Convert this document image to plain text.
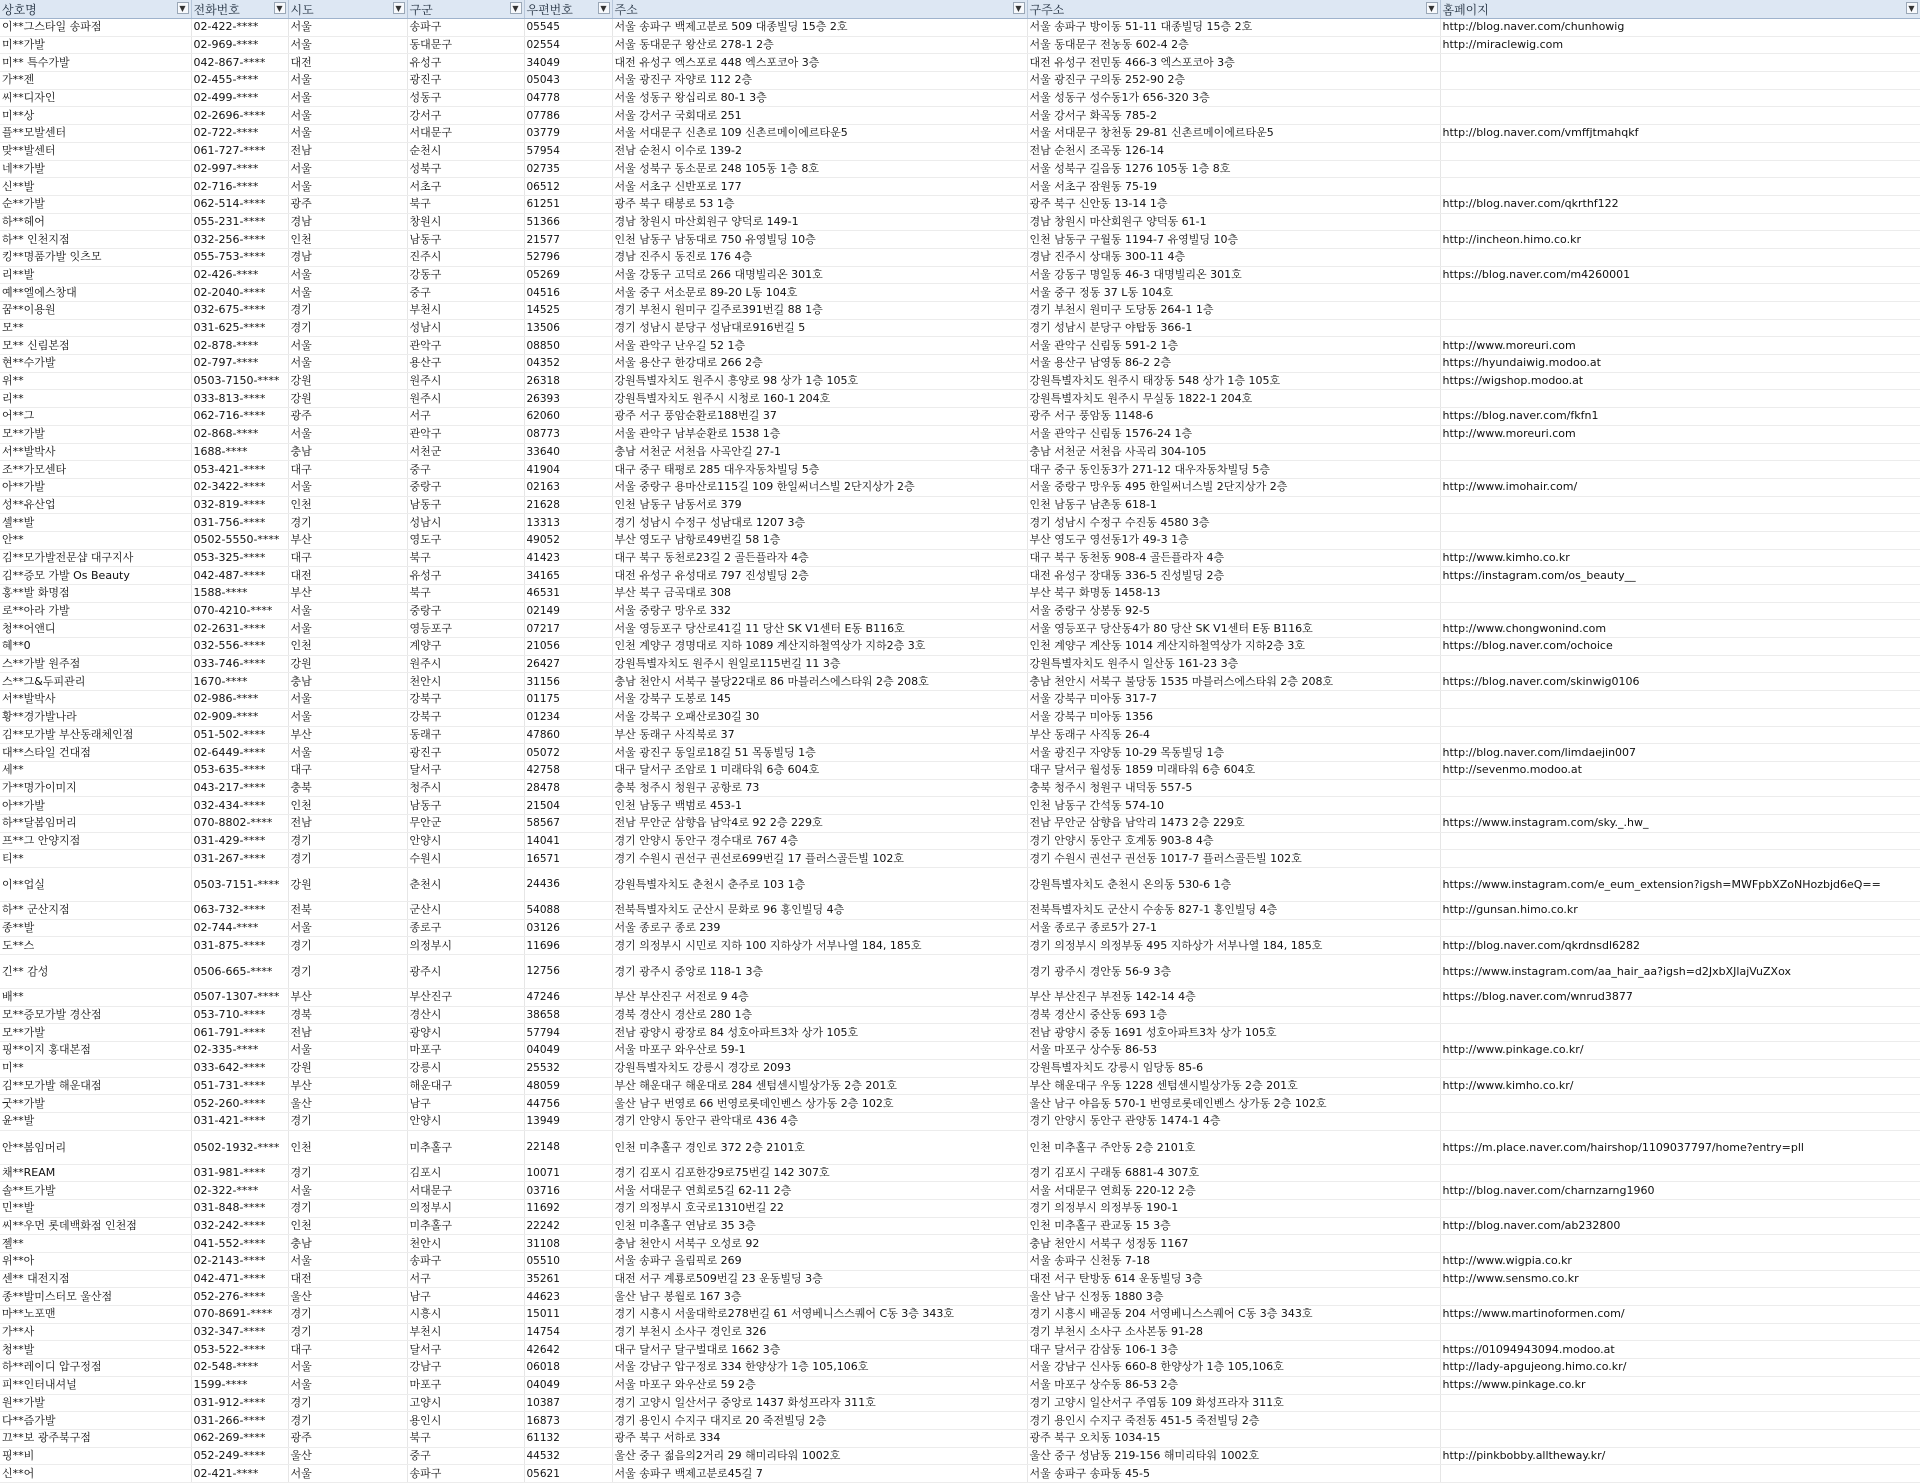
상호명 ▼	전화번호 ▼	시도 ▼	구군 ▼	우편번호 ▼	주소 ▼	구주소 ▼	홈페이지 ▼

이**그스타일 송파점	02-422-****	서울	송파구	05545	서울 송파구 백제고분로 509 대종빌딩 15층 2호	서울 송파구 방이동 51-11 대종빌딩 15층 2호	http://blog.naver.com/chunhowig
미**가발	02-969-****	서울	동대문구	02554	서울 동대문구 왕산로 278-1 2층	서울 동대문구 전농동 602-4 2층	http://miraclewig.com
미** 특수가발	042-867-****	대전	유성구	34049	대전 유성구 엑스포로 448 엑스포코아 3층	대전 유성구 전민동 466-3 엑스포코아 3층	
가**젠	02-455-****	서울	광진구	05043	서울 광진구 자양로 112 2층	서울 광진구 구의동 252-90 2층	
씨**디자인	02-499-****	서울	성동구	04778	서울 성동구 왕십리로 80-1 3층	서울 성동구 성수동1가 656-320 3층	
미**상	02-2696-****	서울	강서구	07786	서울 강서구 국회대로 251	서울 강서구 화곡동 785-2	
플**모발센터	02-722-****	서울	서대문구	03779	서울 서대문구 신촌로 109 신촌르메이에르타운5	서울 서대문구 창천동 29-81 신촌르메이에르타운5	http://blog.naver.com/vmffjtmahqkf
맞**발센터	061-727-****	전남	순천시	57954	전남 순천시 이수로 139-2	전남 순천시 조곡동 126-14	
네**가발	02-997-****	서울	성북구	02735	서울 성북구 동소문로 248 105동 1층 8호	서울 성북구 길음동 1276 105동 1층 8호	
신**발	02-716-****	서울	서초구	06512	서울 서초구 신반포로 177	서울 서초구 잠원동 75-19	
순**가발	062-514-****	광주	북구	61251	광주 북구 태봉로 53 1층	광주 북구 신안동 13-14 1층	http://blog.naver.com/qkrthf122
하**헤어	055-231-****	경남	창원시	51366	경남 창원시 마산회원구 양덕로 149-1	경남 창원시 마산회원구 양덕동 61-1	
하** 인천지점	032-256-****	인천	남동구	21577	인천 남동구 남동대로 750 유영빌딩 10층	인천 남동구 구월동 1194-7 유영빌딩 10층	http://incheon.himo.co.kr
킹**명품가발 잇츠모	055-753-****	경남	진주시	52796	경남 진주시 동진로 176 4층	경남 진주시 상대동 300-11 4층	
리**발	02-426-****	서울	강동구	05269	서울 강동구 고덕로 266 대명빌리온 301호	서울 강동구 명일동 46-3 대명빌리온 301호	https://blog.naver.com/m4260001
예**엘에스창대	02-2040-****	서울	중구	04516	서울 중구 서소문로 89-20 L동 104호	서울 중구 정동 37 L동 104호	
꿈**이용원	032-675-****	경기	부천시	14525	경기 부천시 원미구 길주로391번길 88 1층	경기 부천시 원미구 도당동 264-1 1층	
모**	031-625-****	경기	성남시	13506	경기 성남시 분당구 성남대로916번길 5	경기 성남시 분당구 야탑동 366-1	
모** 신림본점	02-878-****	서울	관악구	08850	서울 관악구 난우길 52 1층	서울 관악구 신림동 591-2 1층	http://www.moreuri.com
현**수가발	02-797-****	서울	용산구	04352	서울 용산구 한강대로 266 2층	서울 용산구 남영동 86-2 2층	https://hyundaiwig.modoo.at
위**	0503-7150-****	강원	원주시	26318	강원특별자치도 원주시 흥양로 98 상가 1층 105호	강원특별자치도 원주시 태장동 548 상가 1층 105호	https://wigshop.modoo.at
리**	033-813-****	강원	원주시	26393	강원특별자치도 원주시 시청로 160-1 204호	강원특별자치도 원주시 무실동 1822-1 204호	
어**그	062-716-****	광주	서구	62060	광주 서구 풍암순환로188번길 37	광주 서구 풍암동 1148-6	https://blog.naver.com/fkfn1
모**가발	02-868-****	서울	관악구	08773	서울 관악구 남부순환로 1538 1층	서울 관악구 신림동 1576-24 1층	http://www.moreuri.com
서**발박사	1688-****	충남	서천군	33640	충남 서천군 서천읍 사곡안길 27-1	충남 서천군 서천읍 사곡리 304-105	
조**가모센타	053-421-****	대구	중구	41904	대구 중구 태평로 285 대우자동차빌딩 5층	대구 중구 동인동3가 271-12 대우자동차빌딩 5층	
아**가발	02-3422-****	서울	중랑구	02163	서울 중랑구 용마산로115길 109 한일써너스빌 2단지상가 2층	서울 중랑구 망우동 495 한일써너스빌 2단지상가 2층	http://www.imohair.com/
성**유산업	032-819-****	인천	남동구	21628	인천 남동구 남동서로 379	인천 남동구 남촌동 618-1	
셀**발	031-756-****	경기	성남시	13313	경기 성남시 수정구 성남대로 1207 3층	경기 성남시 수정구 수진동 4580 3층	
안**	0502-5550-****	부산	영도구	49052	부산 영도구 남항로49번길 58 1층	부산 영도구 영선동1가 49-3 1층	
김**모가발전문샵 대구지사	053-325-****	대구	북구	41423	대구 북구 동천로23길 2 골든플라자 4층	대구 북구 동천동 908-4 골든플라자 4층	http://www.kimho.co.kr
김**증모 가발 Os Beauty	042-487-****	대전	유성구	34165	대전 유성구 유성대로 797 진성빌딩 2층	대전 유성구 장대동 336-5 진성빌딩 2층	https://instagram.com/os_beauty__
홍**발 화명점	1588-****	부산	북구	46531	부산 북구 금곡대로 308	부산 북구 화명동 1458-13	
로**아라 가발	070-4210-****	서울	중랑구	02149	서울 중랑구 망우로 332	서울 중랑구 상봉동 92-5	
청**어앤디	02-2631-****	서울	영등포구	07217	서울 영등포구 당산로41길 11 당산 SK V1센터 E동 B116호	서울 영등포구 당산동4가 80 당산 SK V1센터 E동 B116호	http://www.chongwonind.com
혜**0	032-556-****	인천	계양구	21056	인천 계양구 경명대로 지하 1089 계산지하철역상가 지하2층 3호	인천 계양구 계산동 1014 계산지하철역상가 지하2층 3호	https://blog.naver.com/ochoice
스**가발 원주점	033-746-****	강원	원주시	26427	강원특별자치도 원주시 원일로115번길 11 3층	강원특별자치도 원주시 일산동 161-23 3층	
스**그&두피관리	1670-****	충남	천안시	31156	충남 천안시 서북구 불당22대로 86 마블러스에스타워 2층 208호	충남 천안시 서북구 불당동 1535 마블러스에스타워 2층 208호	https://blog.naver.com/skinwig0106
서**발박사	02-986-****	서울	강북구	01175	서울 강북구 도봉로 145	서울 강북구 미아동 317-7	
황**경가발나라	02-909-****	서울	강북구	01234	서울 강북구 오패산로30길 30	서울 강북구 미아동 1356	
김**모가발 부산동래체인점	051-502-****	부산	동래구	47860	부산 동래구 사직북로 37	부산 동래구 사직동 26-4	
대**스타일 건대점	02-6449-****	서울	광진구	05072	서울 광진구 동일로18길 51 목동빌딩 1층	서울 광진구 자양동 10-29 목동빌딩 1층	http://blog.naver.com/limdaejin007
세**	053-635-****	대구	달서구	42758	대구 달서구 조암로 1 미래타워 6층 604호	대구 달서구 월성동 1859 미래타워 6층 604호	http://sevenmo.modoo.at
가**명가이미지	043-217-****	충북	청주시	28478	충북 청주시 청원구 공항로 73	충북 청주시 청원구 내덕동 557-5	
아**가발	032-434-****	인천	남동구	21504	인천 남동구 백범로 453-1	인천 남동구 간석동 574-10	
하**달봄임머리	070-8802-****	전남	무안군	58567	전남 무안군 삼향읍 남악4로 92 2층 229호	전남 무안군 삼향읍 남악리 1473 2층 229호	https://www.instagram.com/sky._.hw_
프**그 안양지점	031-429-****	경기	안양시	14041	경기 안양시 동안구 경수대로 767 4층	경기 안양시 동안구 호계동 903-8 4층	
티**	031-267-****	경기	수원시	16571	경기 수원시 권선구 권선로699번길 17 플러스골든빌 102호	경기 수원시 권선구 권선동 1017-7 플러스골든빌 102호	
이**업실	0503-7151-****	강원	춘천시	24436	강원특별자치도 춘천시 춘주로 103 1층	강원특별자치도 춘천시 온의동 530-6 1층	https://www.instagram.com/e_eum_extension?igsh=MWFpbXZoNHozbjd6eQ==
하** 군산지점	063-732-****	전북	군산시	54088	전북특별자치도 군산시 문화로 96 홍인빌딩 4층	전북특별자치도 군산시 수송동 827-1 홍인빌딩 4층	http://gunsan.himo.co.kr
종**발	02-744-****	서울	종로구	03126	서울 종로구 종로 239	서울 종로구 종로5가 27-1	
도**스	031-875-****	경기	의정부시	11696	경기 의정부시 시민로 지하 100 지하상가 서부나열 184, 185호	경기 의정부시 의정부동 495 지하상가 서부나열 184, 185호	http://blog.naver.com/qkrdnsdl6282
긴** 감성	0506-665-****	경기	광주시	12756	경기 광주시 중앙로 118-1 3층	경기 광주시 경안동 56-9 3층	https://www.instagram.com/aa_hair_aa?igsh=d2JxbXJlajVuZXox
배**	0507-1307-****	부산	부산진구	47246	부산 부산진구 서전로 9 4층	부산 부산진구 부전동 142-14 4층	https://blog.naver.com/wnrud3877
모**증모가발 경산점	053-710-****	경북	경산시	38658	경북 경산시 경산로 280 1층	경북 경산시 중산동 693 1층	
모**가발	061-791-****	전남	광양시	57794	전남 광양시 광장로 84 성호아파트3차 상가 105호	전남 광양시 중동 1691 성호아파트3차 상가 105호	
핑**이지 홍대본점	02-335-****	서울	마포구	04049	서울 마포구 와우산로 59-1	서울 마포구 상수동 86-53	http://www.pinkage.co.kr/
미**	033-642-****	강원	강릉시	25532	강원특별자치도 강릉시 경강로 2093	강원특별자치도 강릉시 임당동 85-6	
김**모가발 해운대점	051-731-****	부산	해운대구	48059	부산 해운대구 해운대로 284 센텀센시빌상가동 2층 201호	부산 해운대구 우동 1228 센텀센시빌상가동 2층 201호	http://www.kimho.co.kr/
굿**가발	052-260-****	울산	남구	44756	울산 남구 번영로 66 번영로롯데인벤스 상가동 2층 102호	울산 남구 야음동 570-1 번영로롯데인벤스 상가동 2층 102호	
윤**발	031-421-****	경기	안양시	13949	경기 안양시 동안구 관악대로 436 4층	경기 안양시 동안구 관양동 1474-1 4층	
안**봄임머리	0502-1932-****	인천	미추홀구	22148	인천 미추홀구 경인로 372 2층 2101호	인천 미추홀구 주안동 2층 2101호	https://m.place.naver.com/hairshop/1109037797/home?entry=pll
채**REAM	031-981-****	경기	김포시	10071	경기 김포시 김포한강9로75번길 142 307호	경기 김포시 구래동 6881-4 307호	
솔**트가발	02-322-****	서울	서대문구	03716	서울 서대문구 연희로5길 62-11 2층	서울 서대문구 연희동 220-12 2층	http://blog.naver.com/charnzarng1960
민**발	031-848-****	경기	의정부시	11692	경기 의정부시 호국로1310번길 22	경기 의정부시 의정부동 190-1	
씨**우먼 롯데백화점 인천점	032-242-****	인천	미추홀구	22242	인천 미추홀구 연남로 35 3층	인천 미추홀구 관교동 15 3층	http://blog.naver.com/ab232800
젤**	041-552-****	충남	천안시	31108	충남 천안시 서북구 오성로 92	충남 천안시 서북구 성정동 1167	
위**아	02-2143-****	서울	송파구	05510	서울 송파구 올림픽로 269	서울 송파구 신천동 7-18	http://www.wigpia.co.kr
센** 대전지점	042-471-****	대전	서구	35261	대전 서구 계룡로509번길 23 운동빌딩 3층	대전 서구 탄방동 614 운동빌딩 3층	http://www.sensmo.co.kr
종**발미스터모 울산점	052-276-****	울산	남구	44623	울산 남구 봉월로 167 3층	울산 남구 신정동 1880 3층	
마**노포맨	070-8691-****	경기	시흥시	15011	경기 시흥시 서울대학로278번길 61 서영베니스스퀘어 C동 3층 343호	경기 시흥시 배곧동 204 서영베니스스퀘어 C동 3층 343호	https://www.martinoformen.com/
가**사	032-347-****	경기	부천시	14754	경기 부천시 소사구 경인로 326	경기 부천시 소사구 소사본동 91-28	
청**발	053-522-****	대구	달서구	42642	대구 달서구 달구벌대로 1662 3층	대구 달서구 감삼동 106-1 3층	https://01094943094.modoo.at
하**레이디 압구정점	02-548-****	서울	강남구	06018	서울 강남구 압구정로 334 한양상가 1층 105,106호	서울 강남구 신사동 660-8 한양상가 1층 105,106호	http://lady-apgujeong.himo.co.kr/
피**인터내셔널	1599-****	서울	마포구	04049	서울 마포구 와우산로 59 2층	서울 마포구 상수동 86-53 2층	https://www.pinkage.co.kr
원**가발	031-912-****	경기	고양시	10387	경기 고양시 일산서구 중앙로 1437 화성프라자 311호	경기 고양시 일산서구 주엽동 109 화성프라자 311호	
다**즘가발	031-266-****	경기	용인시	16873	경기 용인시 수지구 대지로 20 죽전빌딩 2층	경기 용인시 수지구 죽전동 451-5 죽전빌딩 2층	
끄**보 광주북구점	062-269-****	광주	북구	61132	광주 북구 서하로 334	광주 북구 오치동 1034-15	
핑**비	052-249-****	울산	중구	44532	울산 중구 젊음의2거리 29 해미리타워 1002호	울산 중구 성남동 219-156 해미리타워 1002호	http://pinkbobby.alltheway.kr/
신**어	02-421-****	서울	송파구	05621	서울 송파구 백제고분로45길 7	서울 송파구 송파동 45-5	
